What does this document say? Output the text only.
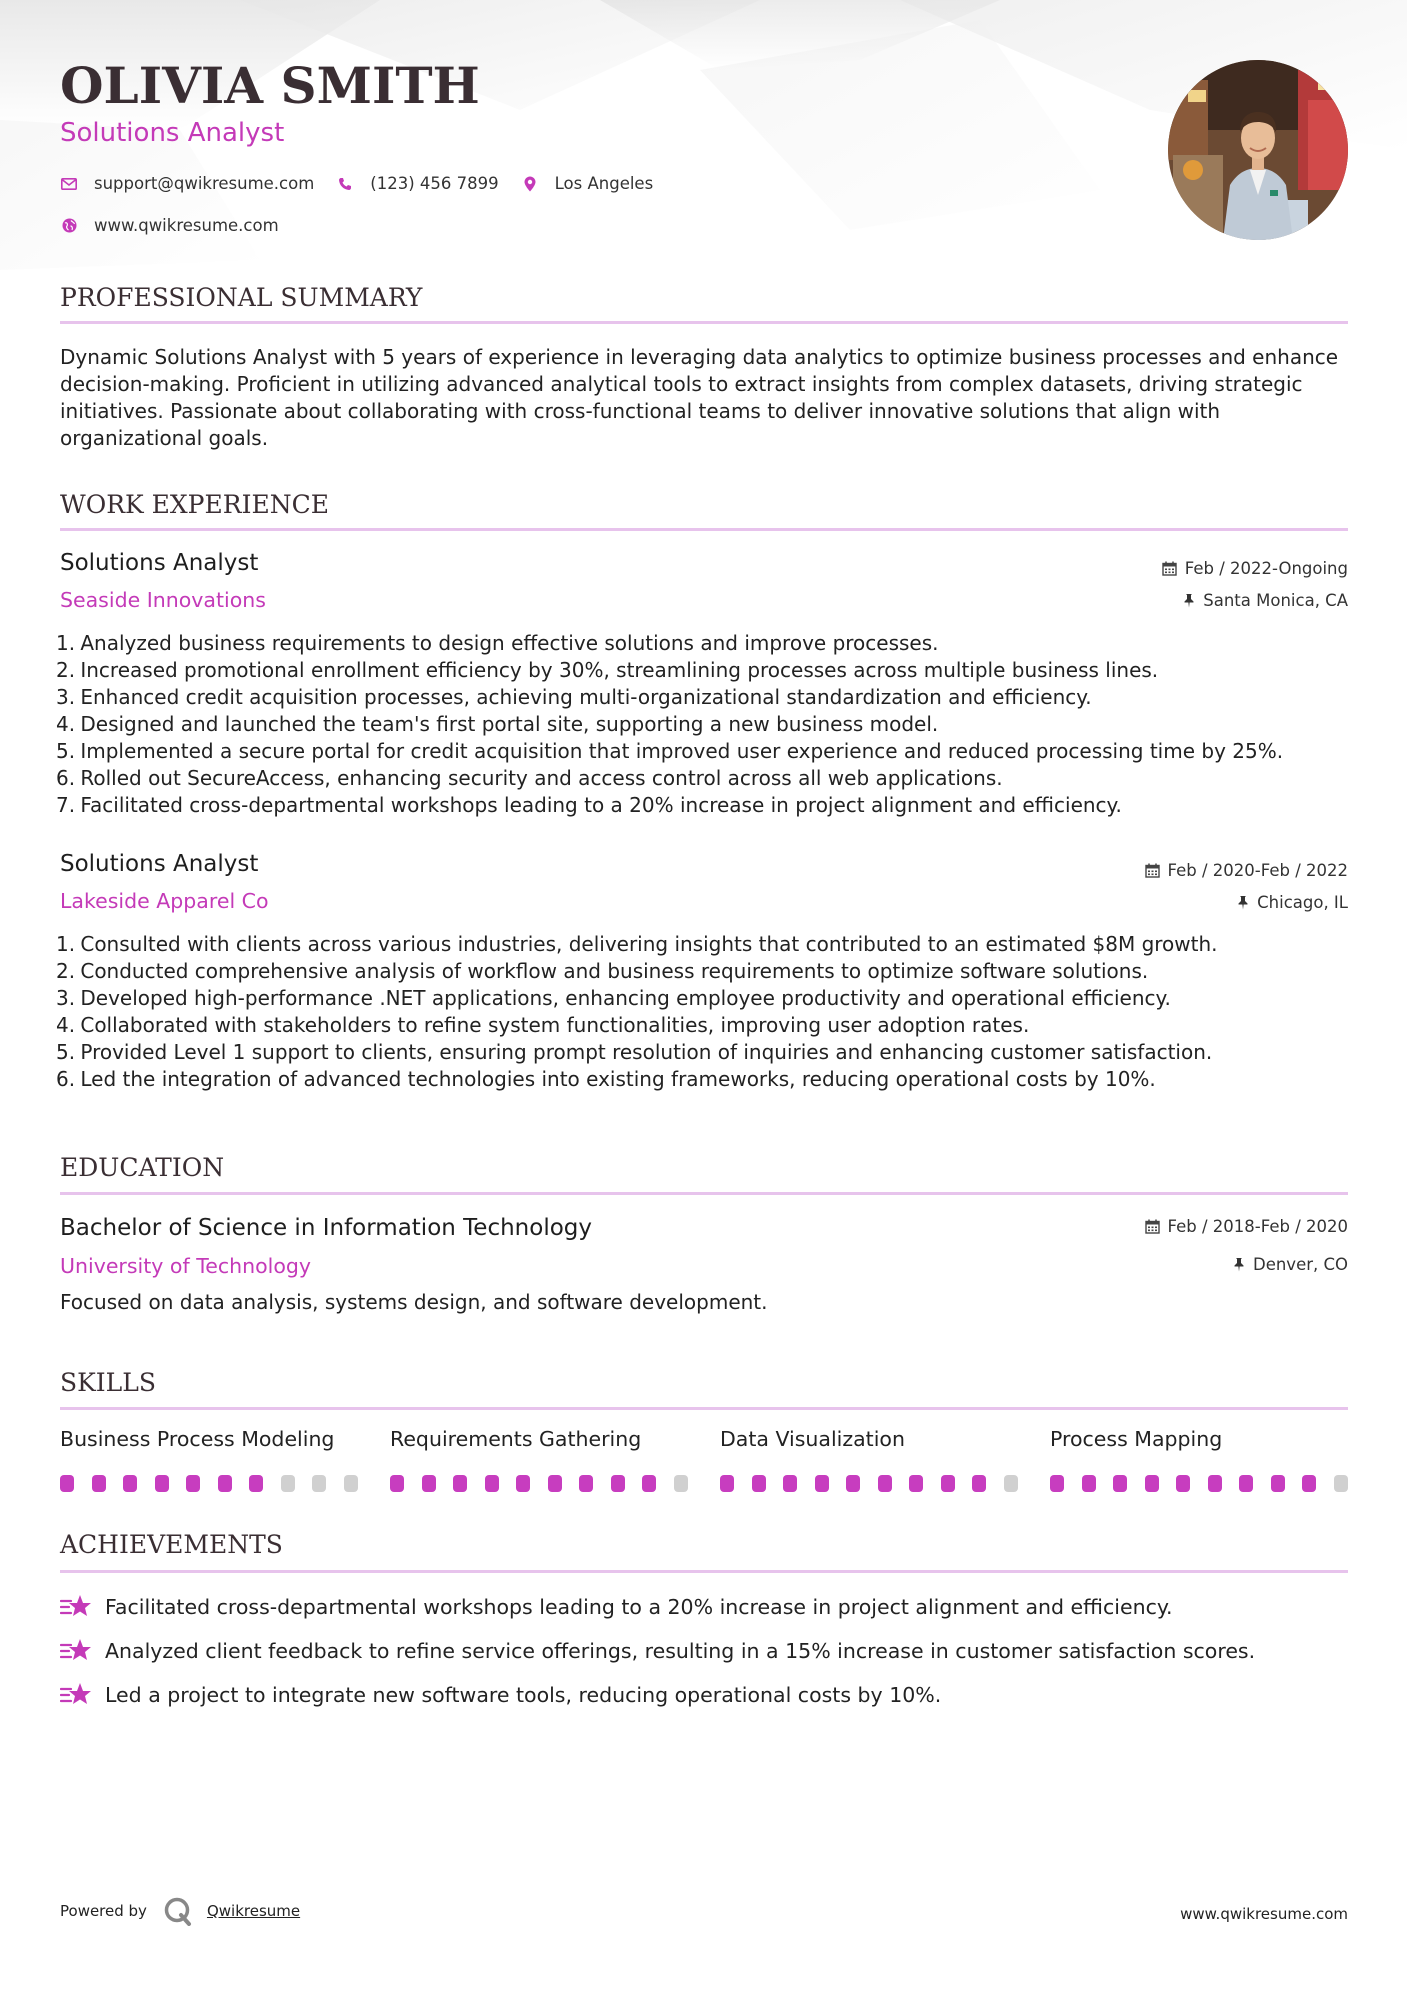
OLIVIA SMITH
Solutions Analyst
support@qwikresume.com	(123) 456 7899	Los Angeles
www.qwikresume.com
PROFESSIONAL SUMMARY
Dynamic Solutions Analyst with 5 years of experience in leveraging data analytics to optimize business processes and enhance decision-making. Proficient in utilizing advanced analytical tools to extract insights from complex datasets, driving strategic initiatives. Passionate about collaborating with cross-functional teams to deliver innovative solutions that align with organizational goals.
WORK EXPERIENCE
Solutions Analyst	Feb / 2022-Ongoing
Seaside Innovations	Santa Monica, CA
1.
Analyzed business requirements to design effective solutions and improve processes.
2.
Increased promotional enrollment efficiency by 30%, streamlining processes across multiple business lines.
3.
Enhanced credit acquisition processes, achieving multi-organizational standardization and efficiency.
4.
Designed and launched the team's first portal site, supporting a new business model.
5.
Implemented a secure portal for credit acquisition that improved user experience and reduced processing time by 25%.
6.
Rolled out SecureAccess, enhancing security and access control across all web applications.
7.
Facilitated cross-departmental workshops leading to a 20% increase in project alignment and efficiency.
Solutions Analyst	Feb / 2020-Feb / 2022
Lakeside Apparel Co	Chicago, IL
1.
Consulted with clients across various industries, delivering insights that contributed to an estimated $8M growth.
2.
Conducted comprehensive analysis of workflow and business requirements to optimize software solutions.
3.
Developed high-performance .NET applications, enhancing employee productivity and operational efficiency.
4.
Collaborated with stakeholders to refine system functionalities, improving user adoption rates.
5.
Provided Level 1 support to clients, ensuring prompt resolution of inquiries and enhancing customer satisfaction.
6.
Led the integration of advanced technologies into existing frameworks, reducing operational costs by 10%.
EDUCATION
Bachelor of Science in Information Technology	Feb / 2018-Feb / 2020
University of Technology	Denver, CO
Focused on data analysis, systems design, and software development.
SKILLS
Business Process Modeling	Requirements Gathering	Data Visualization	Process Mapping
ACHIEVEMENTS
Facilitated cross-departmental workshops leading to a 20% increase in project alignment and efficiency.
Analyzed client feedback to refine service offerings, resulting in a 15% increase in customer satisfaction scores.
Led a project to integrate new software tools, reducing operational costs by 10%.
Powered by	Qwikresume	www.qwikresume.com
